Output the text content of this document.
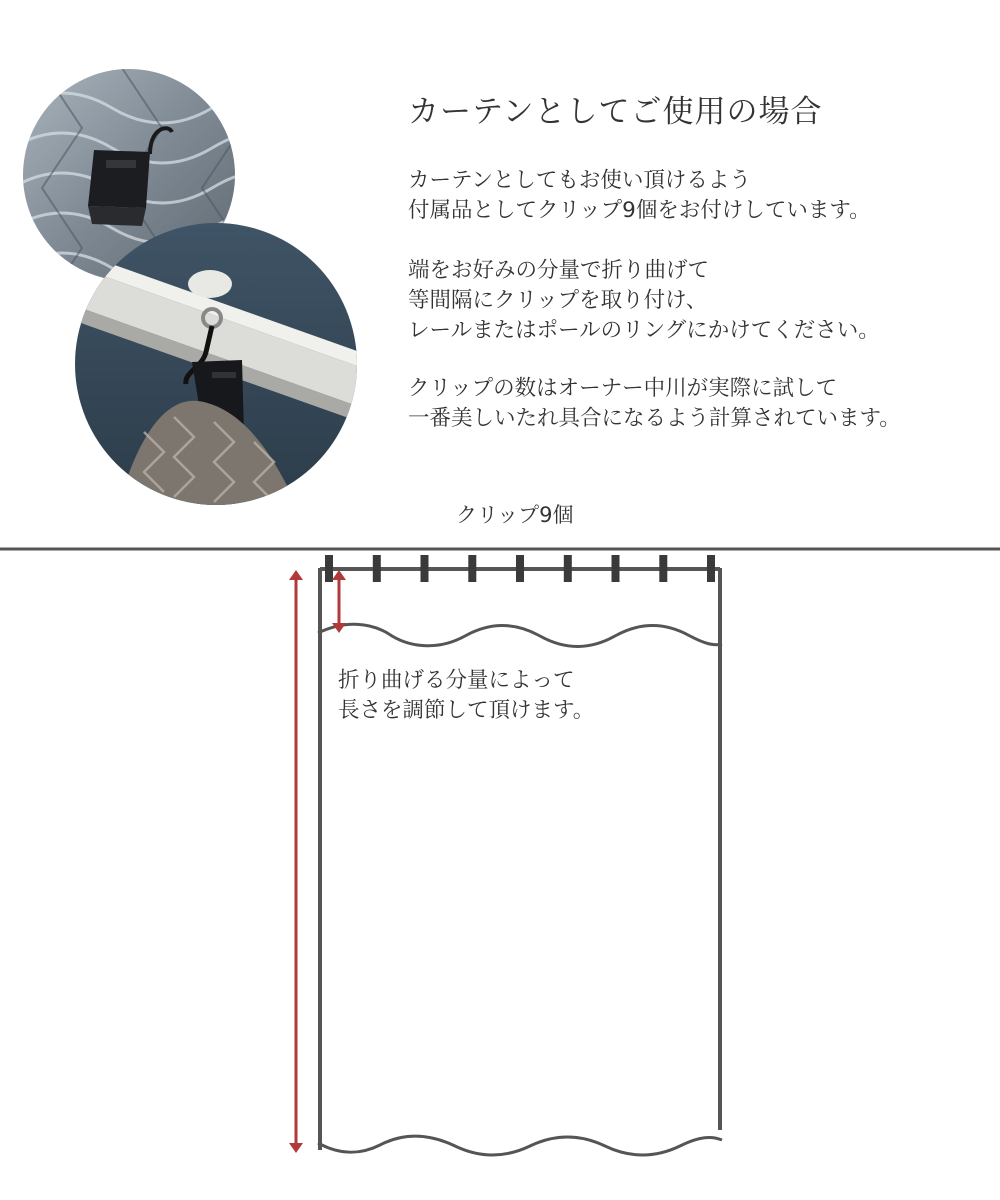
カーテンとしてご使用の場合
カーテンとしてもお使い頂けるよう
付属品としてクリップ9個をお付けしています。
端をお好みの分量で折り曲げて
等間隔にクリップを取り付け、
レールまたはポールのリングにかけてください。
クリップの数はオーナー中川が実際に試して
一番美しいたれ具合になるよう計算されています。
クリップ9個
折り曲げる分量によって
長さを調節して頂けます。
